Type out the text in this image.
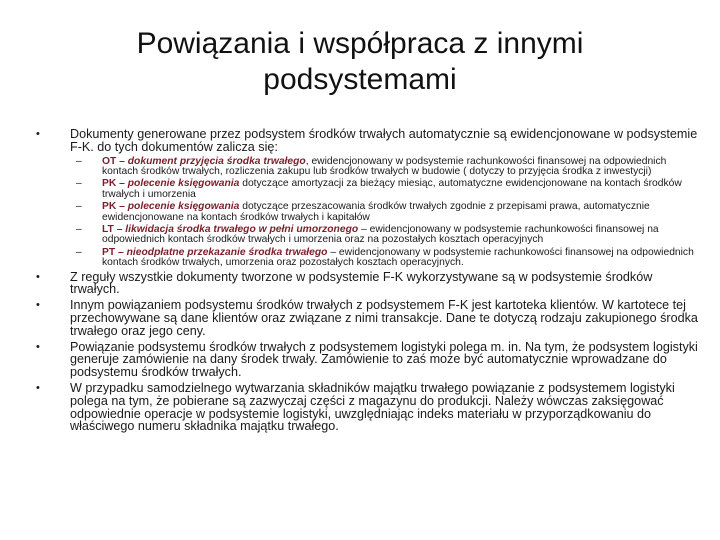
Powiązania i współpraca z innymi
podsystemami
•	Dokumenty generowane przez podsystem środków trwałych automatycznie są ewidencjonowane w podsystemie F-K. do tych dokumentów zalicza się:
– OT – dokument przyjęcia środka trwałego, ewidencjonowany w podsystemie rachunkowości finansowej na odpowiednich kontach środków trwałych, rozliczenia zakupu lub środków trwałych w budowie ( dotyczy to przyjęcia środka z inwestycji)
– PK – polecenie księgowania dotyczące amortyzacji za bieżący miesiąc, automatyczne ewidencjonowane na kontach środków trwałych i umorzenia
– PK – polecenie księgowania dotyczące przeszacowania środków trwałych zgodnie z przepisami prawa, automatycznie ewidencjonowane na kontach środków trwałych i kapitałów
– LT – likwidacja środka trwałego w pełni umorzonego – ewidencjonowany w podsystemie rachunkowości finansowej na odpowiednich kontach środków trwałych i umorzenia oraz na pozostałych kosztach operacyjnych
– PT – nieodpłatne przekazanie środka trwałego – ewidencjonowany w podsystemie rachunkowości finansowej na odpowiednich kontach środków trwałych, umorzenia oraz pozostałych kosztach operacyjnych.
•	Z reguły wszystkie dokumenty tworzone w podsystemie F-K wykorzystywane są w podsystemie środków trwałych.
•	Innym powiązaniem podsystemu środków trwałych z podsystemem F-K jest kartoteka klientów. W kartotece tej przechowywane są dane klientów oraz związane z nimi transakcje. Dane te dotyczą rodzaju zakupionego środka trwałego oraz jego ceny.
•	Powiązanie podsystemu środków trwałych z podsystemem logistyki polega m. in. Na tym, że podsystem logistyki generuje zamówienie na dany środek trwały. Zamówienie to zaś może być automatycznie wprowadzane do podsystemu środków trwałych.
•	W przypadku samodzielnego wytwarzania składników majątku trwałego powiązanie z podsystemem logistyki polega na tym, że pobierane są zazwyczaj części z magazynu do produkcji. Należy wówczas zaksięgować odpowiednie operacje w podsystemie logistyki, uwzględniając indeks materiału w przyporządkowaniu do właściwego numeru składnika majątku trwałego.
